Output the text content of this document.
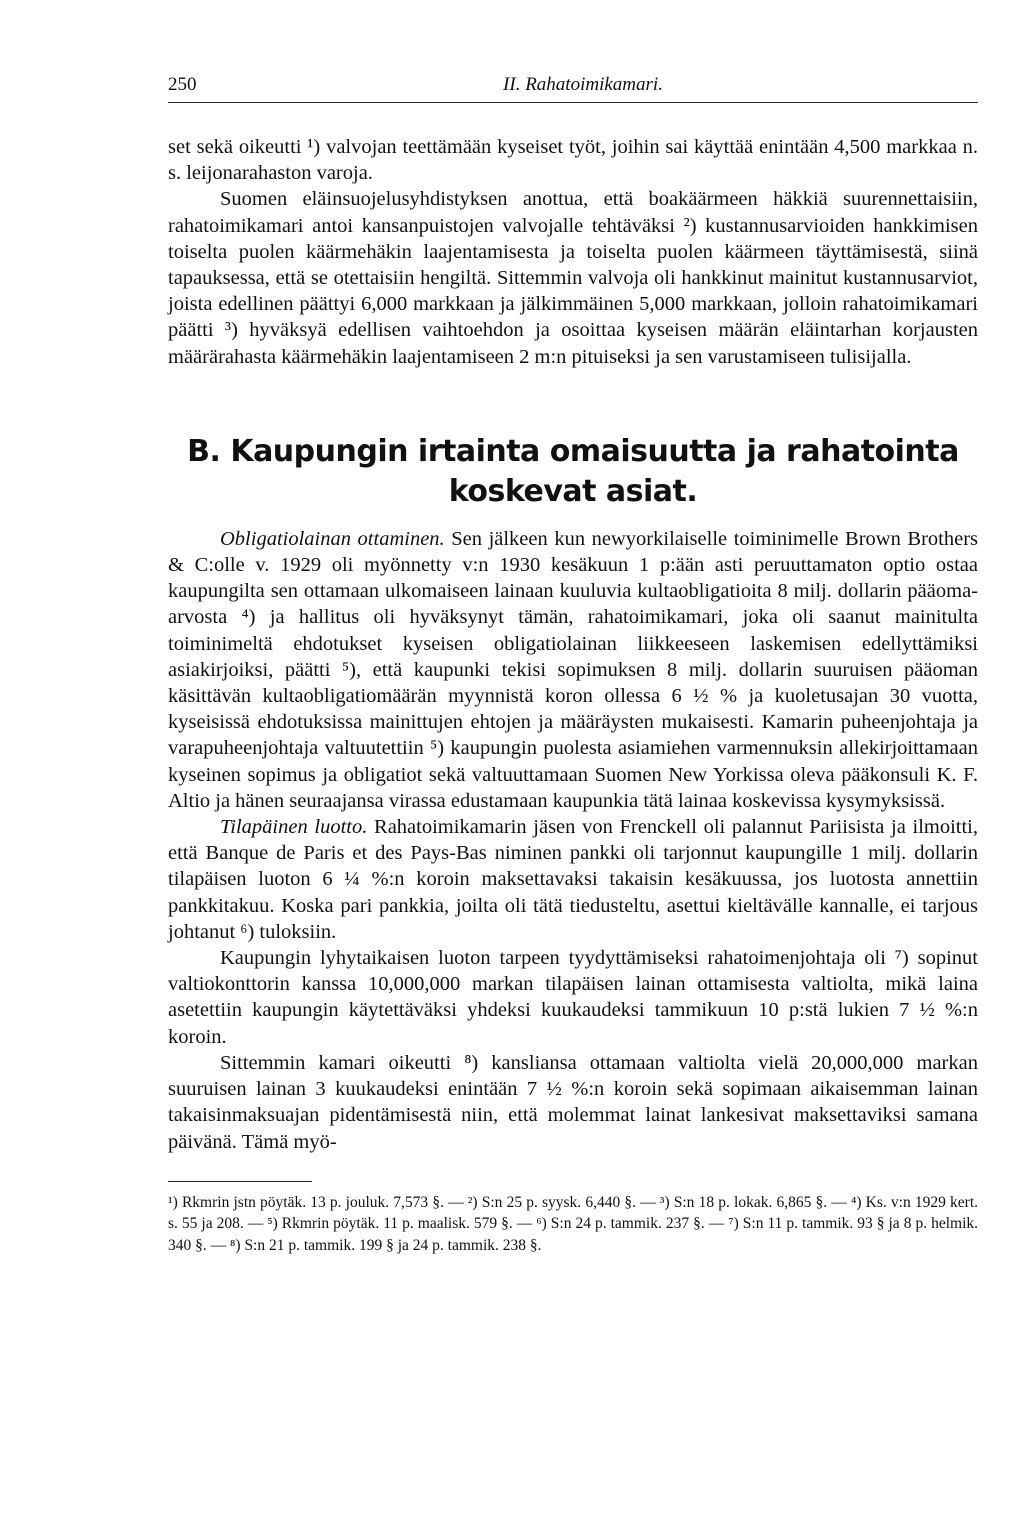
250	II. Rahatoimikamari.

set sekä oikeutti ¹) valvojan teettämään kyseiset työt, joihin sai käyttää enintään 4,500 markkaa n. s. leijonarahaston varoja.

Suomen eläinsuojelusyhdistyksen anottua, että boakäärmeen häkkiä suurennettaisiin, rahatoimikamari antoi kansanpuistojen valvojalle tehtäväksi ²) kustannusarvioiden hankkimisen toiselta puolen käärmehäkin laajentamisesta ja toiselta puolen käärmeen täyttämisestä, siinä tapauksessa, että se otettaisiin hengiltä. Sittemmin valvoja oli hankkinut mainitut kustannusarviot, joista edellinen päättyi 6,000 markkaan ja jälkimmäinen 5,000 markkaan, jolloin rahatoimikamari päätti ³) hyväksyä edellisen vaihtoehdon ja osoittaa kyseisen määrän eläintarhan korjausten määrärahasta käärmehäkin laajentamiseen 2 m:n pituiseksi ja sen varustamiseen tulisijalla.

B. Kaupungin irtainta omaisuutta ja rahatointa
koskevat asiat.

Obligatiolainan ottaminen. Sen jälkeen kun newyorkilaiselle toiminimelle Brown Brothers & C:olle v. 1929 oli myönnetty v:n 1930 kesäkuun 1 p:ään asti peruuttamaton optio ostaa kaupungilta sen ottamaan ulkomaiseen lainaan kuuluvia kultaobligatioita 8 milj. dollarin pääoma-arvosta ⁴) ja hallitus oli hyväksynyt tämän, rahatoimikamari, joka oli saanut mainitulta toiminimeltä ehdotukset kyseisen obligatiolainan liikkeeseen laskemisen edellyttämiksi asiakirjoiksi, päätti ⁵), että kaupunki tekisi sopimuksen 8 milj. dollarin suuruisen pääoman käsittävän kultaobligatiomäärän myynnistä koron ollessa 6 ½ % ja kuoletusajan 30 vuotta, kyseisissä ehdotuksissa mainittujen ehtojen ja määräysten mukaisesti. Kamarin puheenjohtaja ja varapuheenjohtaja valtuutettiin ⁵) kaupungin puolesta asiamiehen varmennuksin allekirjoittamaan kyseinen sopimus ja obligatiot sekä valtuuttamaan Suomen New Yorkissa oleva pääkonsuli K. F. Altio ja hänen seuraajansa virassa edustamaan kaupunkia tätä lainaa koskevissa kysymyksissä.

Tilapäinen luotto. Rahatoimikamarin jäsen von Frenckell oli palannut Pariisista ja ilmoitti, että Banque de Paris et des Pays-Bas niminen pankki oli tarjonnut kaupungille 1 milj. dollarin tilapäisen luoton 6 ¼ %:n koroin maksettavaksi takaisin kesäkuussa, jos luotosta annettiin pankkitakuu. Koska pari pankkia, joilta oli tätä tiedusteltu, asettui kieltävälle kannalle, ei tarjous johtanut ⁶) tuloksiin.

Kaupungin lyhytaikaisen luoton tarpeen tyydyttämiseksi rahatoimenjohtaja oli ⁷) sopinut valtiokonttorin kanssa 10,000,000 markan tilapäisen lainan ottamisesta valtiolta, mikä laina asetettiin kaupungin käytettäväksi yhdeksi kuukaudeksi tammikuun 10 p:stä lukien 7 ½ %:n koroin.

Sittemmin kamari oikeutti ⁸) kansliansa ottamaan valtiolta vielä 20,000,000 markan suuruisen lainan 3 kuukaudeksi enintään 7 ½ %:n koroin sekä sopimaan aikaisemman lainan takaisinmaksuajan pidentämisestä niin, että molemmat lainat lankesivat maksettaviksi samana päivänä. Tämä myö-

¹) Rkmrin jstn pöytäk. 13 p. jouluk. 7,573 §. — ²) S:n 25 p. syysk. 6,440 §. — ³) S:n 18 p. lokak. 6,865 §. — ⁴) Ks. v:n 1929 kert. s. 55 ja 208. — ⁵) Rkmrin pöytäk. 11 p. maalisk. 579 §. — ⁶) S:n 24 p. tammik. 237 §. — ⁷) S:n 11 p. tammik. 93 § ja 8 p. helmik. 340 §. — ⁸) S:n 21 p. tammik. 199 § ja 24 p. tammik. 238 §.
